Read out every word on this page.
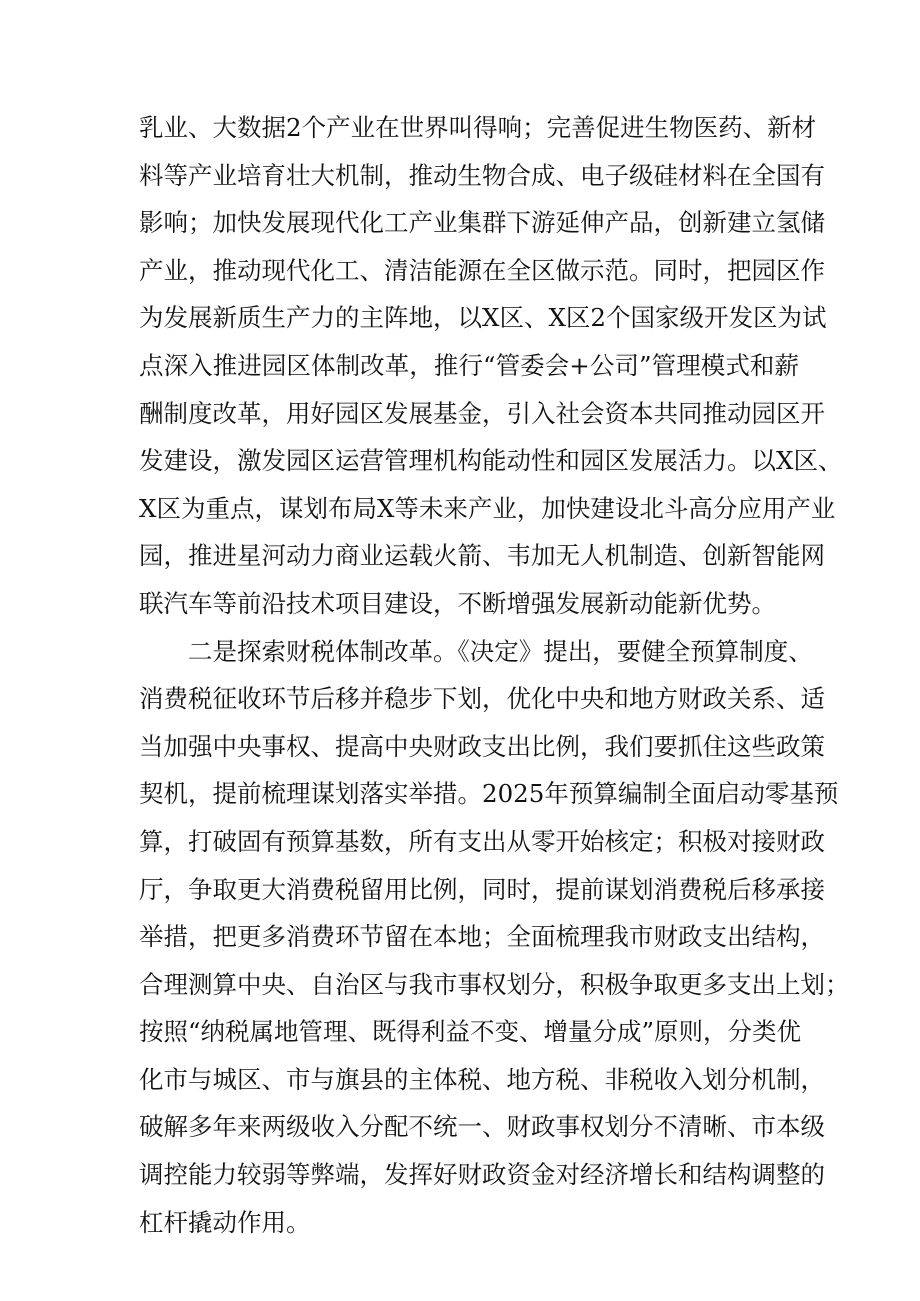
乳业、大数据2个产业在世界叫得响；完善促进生物医药、新材
料等产业培育壮大机制，推动生物合成、电子级硅材料在全国有
影响；加快发展现代化工产业集群下游延伸产品，创新建立氢储
产业，推动现代化工、清洁能源在全区做示范。同时，把园区作
为发展新质生产力的主阵地，以X区、X区2个国家级开发区为试
点深入推进园区体制改革，推行“管委会+公司”管理模式和薪
酬制度改革，用好园区发展基金，引入社会资本共同推动园区开
发建设，激发园区运营管理机构能动性和园区发展活力。以X区、
X区为重点，谋划布局X等未来产业，加快建设北斗高分应用产业
园，推进星河动力商业运载火箭、韦加无人机制造、创新智能网
联汽车等前沿技术项目建设，不断增强发展新动能新优势。
二是探索财税体制改革。《决定》提出，要健全预算制度、
消费税征收环节后移并稳步下划，优化中央和地方财政关系、适
当加强中央事权、提高中央财政支出比例，我们要抓住这些政策
契机，提前梳理谋划落实举措。2025年预算编制全面启动零基预
算，打破固有预算基数，所有支出从零开始核定；积极对接财政
厅，争取更大消费税留用比例，同时，提前谋划消费税后移承接
举措，把更多消费环节留在本地；全面梳理我市财政支出结构，
合理测算中央、自治区与我市事权划分，积极争取更多支出上划；
按照“纳税属地管理、既得利益不变、增量分成”原则，分类优
化市与城区、市与旗县的主体税、地方税、非税收入划分机制，
破解多年来两级收入分配不统一、财政事权划分不清晰、市本级
调控能力较弱等弊端，发挥好财政资金对经济增长和结构调整的
杠杆撬动作用。
